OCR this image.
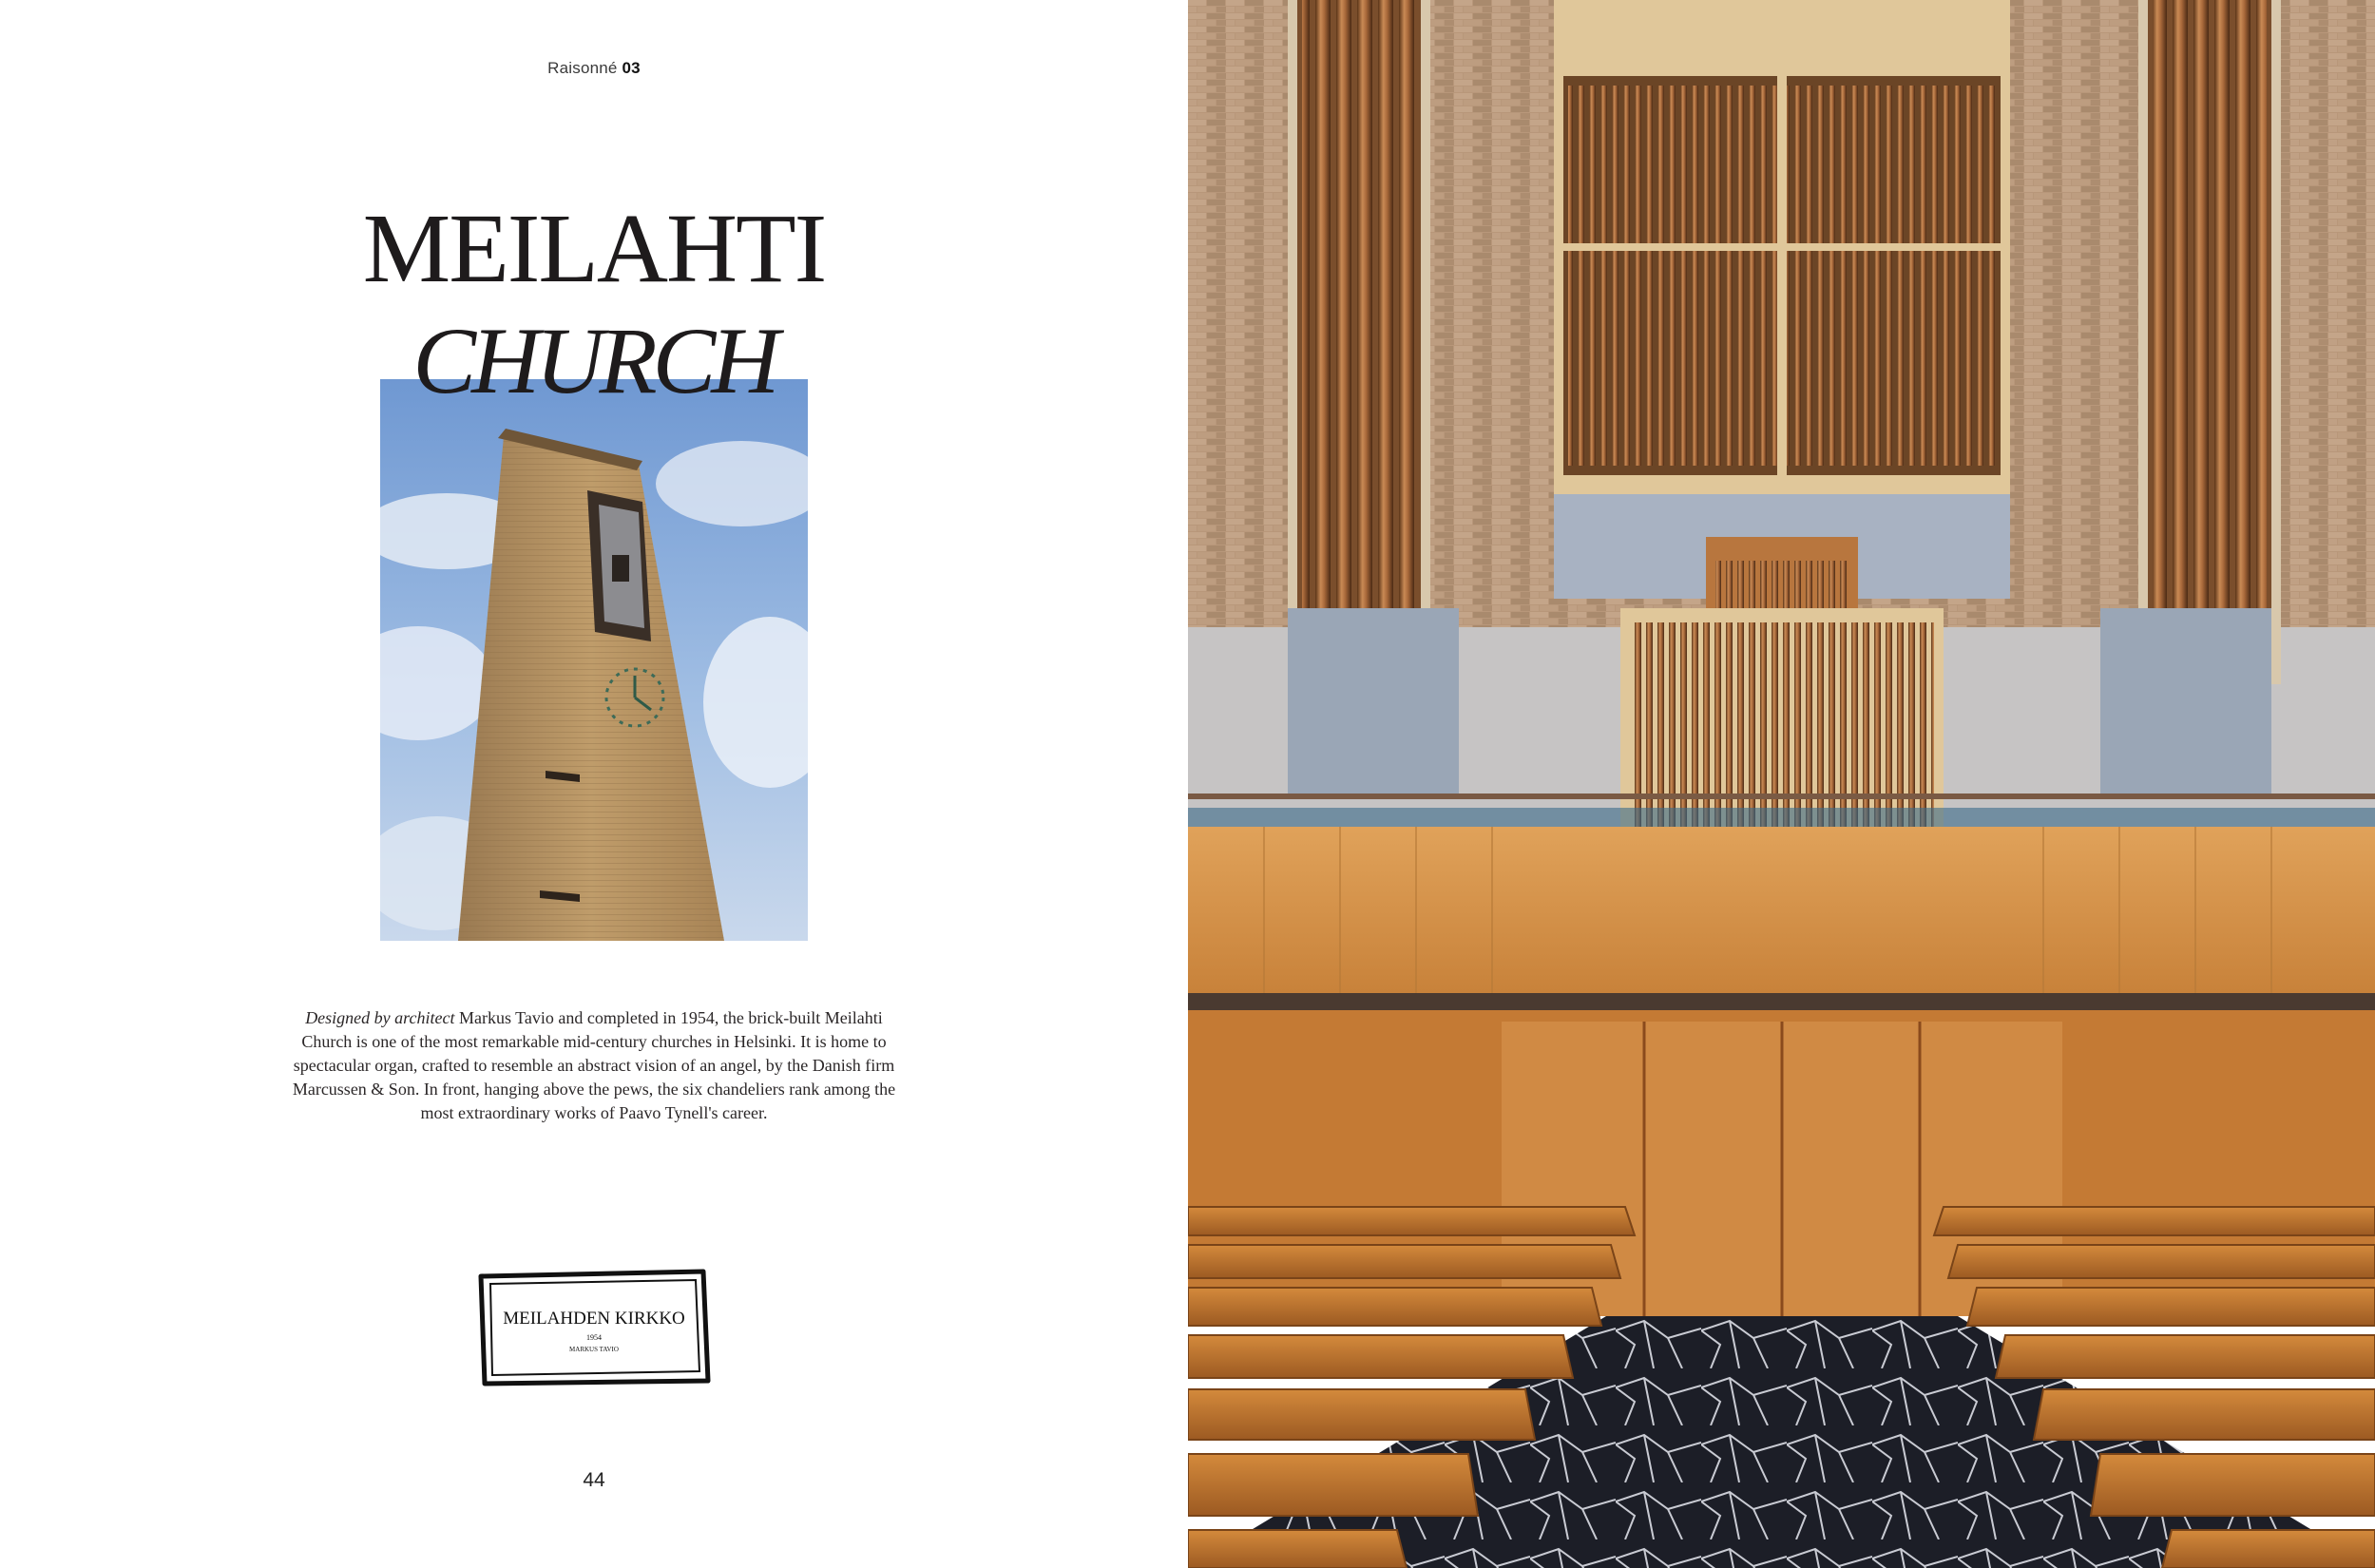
Raisonné 03
MEILAHTI
CHURCH
Designed by architect Markus Tavio and completed in 1954, the brick-built Meilahti Church is one of the most remarkable mid-century churches in Helsinki. It is home to spectacular organ, crafted to resemble an abstract vision of an angel, by the Danish firm Marcussen & Son. In front, hanging above the pews, the six chandeliers rank among the most extraordinary works of Paavo Tynell's career.
MEILAHDEN KIRKKO
1954
MARKUS TAVIO
44
